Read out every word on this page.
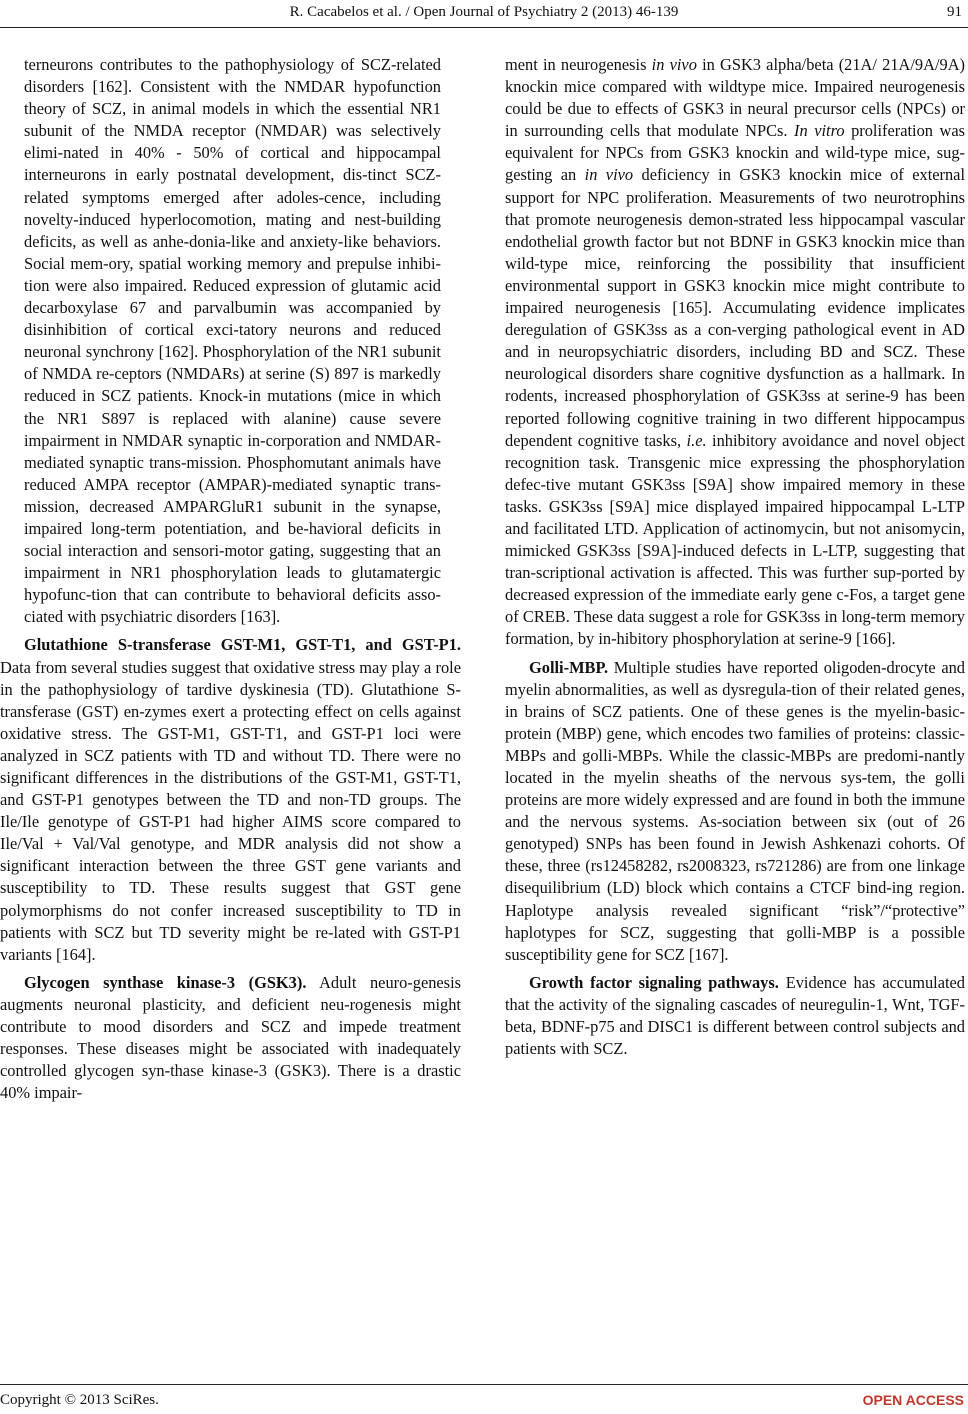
R. Cacabelos et al. / Open Journal of Psychiatry 2 (2013) 46-139	91

terneurons contributes to the pathophysiology of SCZ-related disorders [162]. Consistent with the NMDAR hypofunction theory of SCZ, in animal models in which the essential NR1 subunit of the NMDA receptor (NMDAR) was selectively elimi-nated in 40% - 50% of cortical and hippocampal interneurons in early postnatal development, dis-tinct SCZ-related symptoms emerged after adoles-cence, including novelty-induced hyperlocomotion, mating and nest-building deficits, as well as anhe-donia-like and anxiety-like behaviors. Social mem-ory, spatial working memory and prepulse inhibi-tion were also impaired. Reduced expression of glutamic acid decarboxylase 67 and parvalbumin was accompanied by disinhibition of cortical exci-tatory neurons and reduced neuronal synchrony [162]. Phosphorylation of the NR1 subunit of NMDA re-ceptors (NMDARs) at serine (S) 897 is markedly reduced in SCZ patients. Knock-in mutations (mice in which the NR1 S897 is replaced with alanine) cause severe impairment in NMDAR synaptic in-corporation and NMDAR-mediated synaptic trans-mission. Phosphomutant animals have reduced AMPA receptor (AMPAR)-mediated synaptic trans-mission, decreased AMPARGluR1 subunit in the synapse, impaired long-term potentiation, and be-havioral deficits in social interaction and sensori-motor gating, suggesting that an impairment in NR1 phosphorylation leads to glutamatergic hypofunc-tion that can contribute to behavioral deficits asso-ciated with psychiatric disorders [163].

Glutathione S-transferase GST-M1, GST-T1, and GST-P1. Data from several studies suggest that oxidative stress may play a role in the pathophysiology of tardive dyskinesia (TD). Glutathione S-transferase (GST) en-zymes exert a protecting effect on cells against oxidative stress. The GST-M1, GST-T1, and GST-P1 loci were analyzed in SCZ patients with TD and without TD. There were no significant differences in the distributions of the GST-M1, GST-T1, and GST-P1 genotypes between the TD and non-TD groups. The Ile/Ile genotype of GST-P1 had higher AIMS score compared to Ile/Val + Val/Val genotype, and MDR analysis did not show a significant interaction between the three GST gene variants and susceptibility to TD. These results suggest that GST gene polymorphisms do not confer increased susceptibility to TD in patients with SCZ but TD severity might be re-lated with GST-P1 variants [164].

Glycogen synthase kinase-3 (GSK3). Adult neuro-genesis augments neuronal plasticity, and deficient neu-rogenesis might contribute to mood disorders and SCZ and impede treatment responses. These diseases might be associated with inadequately controlled glycogen syn-thase kinase-3 (GSK3). There is a drastic 40% impair-

ment in neurogenesis in vivo in GSK3 alpha/beta (21A/ 21A/9A/9A) knockin mice compared with wildtype mice. Impaired neurogenesis could be due to effects of GSK3 in neural precursor cells (NPCs) or in surrounding cells that modulate NPCs. In vitro proliferation was equivalent for NPCs from GSK3 knockin and wild-type mice, sug-gesting an in vivo deficiency in GSK3 knockin mice of external support for NPC proliferation. Measurements of two neurotrophins that promote neurogenesis demon-strated less hippocampal vascular endothelial growth factor but not BDNF in GSK3 knockin mice than wild-type mice, reinforcing the possibility that insufficient environmental support in GSK3 knockin mice might contribute to impaired neurogenesis [165]. Accumulating evidence implicates deregulation of GSK3ss as a con-verging pathological event in AD and in neuropsychiatric disorders, including BD and SCZ. These neurological disorders share cognitive dysfunction as a hallmark. In rodents, increased phosphorylation of GSK3ss at serine-9 has been reported following cognitive training in two different hippocampus dependent cognitive tasks, i.e. inhibitory avoidance and novel object recognition task. Transgenic mice expressing the phosphorylation defec-tive mutant GSK3ss [S9A] show impaired memory in these tasks. GSK3ss [S9A] mice displayed impaired hippocampal L-LTP and facilitated LTD. Application of actinomycin, but not anisomycin, mimicked GSK3ss [S9A]-induced defects in L-LTP, suggesting that tran-scriptional activation is affected. This was further sup-ported by decreased expression of the immediate early gene c-Fos, a target gene of CREB. These data suggest a role for GSK3ss in long-term memory formation, by in-hibitory phosphorylation at serine-9 [166].

Golli-MBP. Multiple studies have reported oligoden-drocyte and myelin abnormalities, as well as dysregula-tion of their related genes, in brains of SCZ patients. One of these genes is the myelin-basic-protein (MBP) gene, which encodes two families of proteins: classic-MBPs and golli-MBPs. While the classic-MBPs are predomi-nantly located in the myelin sheaths of the nervous sys-tem, the golli proteins are more widely expressed and are found in both the immune and the nervous systems. As-sociation between six (out of 26 genotyped) SNPs has been found in Jewish Ashkenazi cohorts. Of these, three (rs12458282, rs2008323, rs721286) are from one linkage disequilibrium (LD) block which contains a CTCF bind-ing region. Haplotype analysis revealed significant “risk”/“protective” haplotypes for SCZ, suggesting that golli-MBP is a possible susceptibility gene for SCZ [167].

Growth factor signaling pathways. Evidence has accumulated that the activity of the signaling cascades of neuregulin-1, Wnt, TGF-beta, BDNF-p75 and DISC1 is different between control subjects and patients with SCZ.

Copyright © 2013 SciRes.	OPEN ACCESS
